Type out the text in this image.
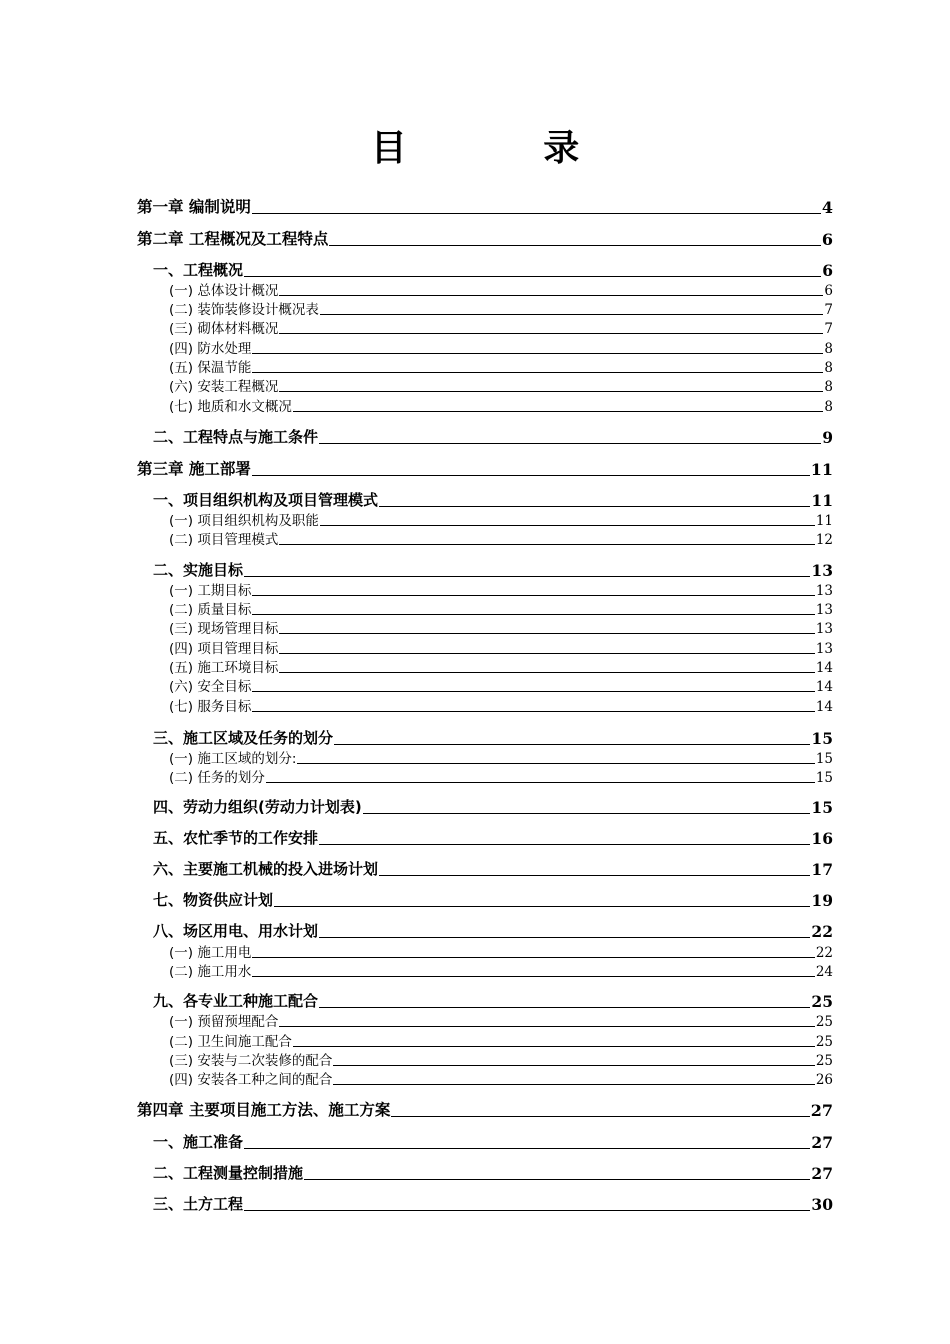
目 录
第一章 编制说明	4
第二章 工程概况及工程特点	6
一、工程概况	6
(一) 总体设计概况	6
(二) 装饰装修设计概况表	7
(三) 砌体材料概况	7
(四) 防水处理	8
(五) 保温节能	8
(六) 安装工程概况	8
(七) 地质和水文概况	8
二、工程特点与施工条件	9
第三章 施工部署	11
一、项目组织机构及项目管理模式	11
(一) 项目组织机构及职能	11
(二) 项目管理模式	12
二、实施目标	13
(一) 工期目标	13
(二) 质量目标	13
(三) 现场管理目标	13
(四) 项目管理目标	13
(五) 施工环境目标	14
(六) 安全目标	14
(七) 服务目标	14
三、施工区域及任务的划分	15
(一) 施工区域的划分:	15
(二) 任务的划分	15
四、劳动力组织(劳动力计划表)	15
五、农忙季节的工作安排	16
六、主要施工机械的投入进场计划	17
七、物资供应计划	19
八、场区用电、用水计划	22
(一) 施工用电	22
(二) 施工用水	24
九、各专业工种施工配合	25
(一) 预留预埋配合	25
(二) 卫生间施工配合	25
(三) 安装与二次装修的配合	25
(四) 安装各工种之间的配合	26
第四章 主要项目施工方法、施工方案	27
一、施工准备	27
二、工程测量控制措施	27
三、土方工程	30
